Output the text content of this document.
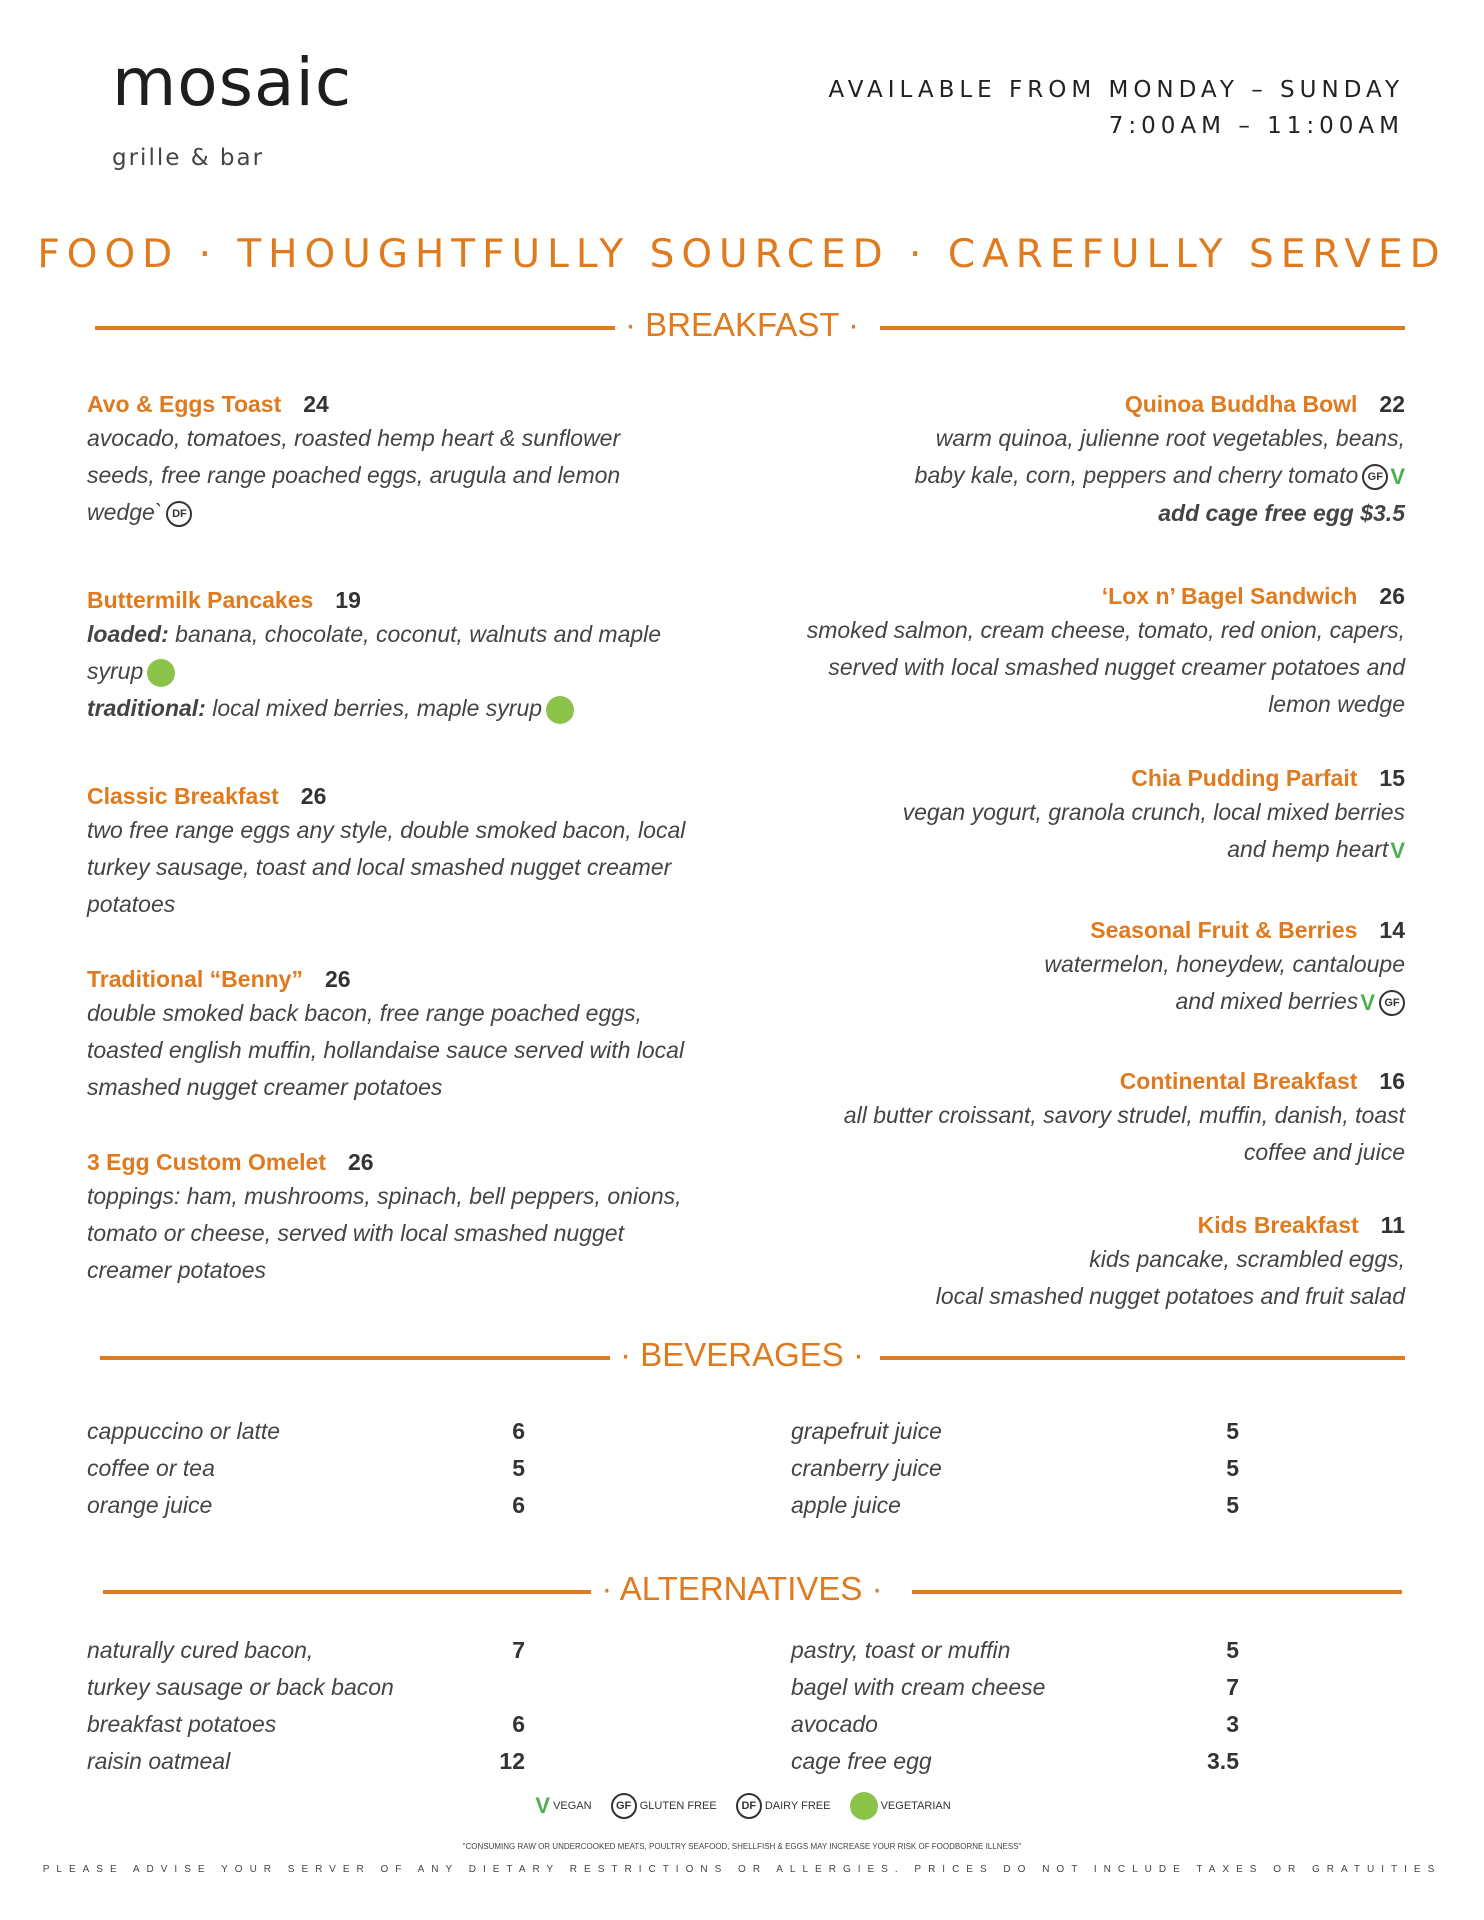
mosaic
grille & bar
AVAILABLE FROM MONDAY – SUNDAY
7:00AM – 11:00AM
FOOD · THOUGHTFULLY SOURCED · CAREFULLY SERVED
· BREAKFAST ·
Avo & Eggs Toast 24
avocado, tomatoes, roasted hemp heart & sunflower seeds, free range poached eggs, arugula and lemon wedge` DF
Buttermilk Pancakes 19
loaded: banana, chocolate, coconut, walnuts and maple syrup
traditional: local mixed berries, maple syrup
Classic Breakfast 26
two free range eggs any style, double smoked bacon, local turkey sausage, toast and local smashed nugget creamer potatoes
Traditional “Benny” 26
double smoked back bacon, free range poached eggs, toasted english muffin, hollandaise sauce served with local smashed nugget creamer potatoes
3 Egg Custom Omelet 26
toppings: ham, mushrooms, spinach, bell peppers, onions, tomato or cheese, served with local smashed nugget creamer potatoes
Quinoa Buddha Bowl 22
warm quinoa, julienne root vegetables, beans,
baby kale, corn, peppers and cherry tomato GF V
add cage free egg $3.5
‘Lox n’ Bagel Sandwich 26
smoked salmon, cream cheese, tomato, red onion, capers, served with local smashed nugget creamer potatoes and lemon wedge
Chia Pudding Parfait 15
vegan yogurt, granola crunch, local mixed berries
and hemp heartV
Seasonal Fruit & Berries 14
watermelon, honeydew, cantaloupe
and mixed berriesV GF
Continental Breakfast 16
all butter croissant, savory strudel, muffin, danish, toast
coffee and juice
Kids Breakfast 11
kids pancake, scrambled eggs,
local smashed nugget potatoes and fruit salad
· BEVERAGES ·
cappuccino or latte	6
coffee or tea	5
orange juice	6
grapefruit juice	5
cranberry juice	5
apple juice	5
· ALTERNATIVES ·
naturally cured bacon,	7
turkey sausage or back bacon
breakfast potatoes	6
raisin oatmeal	12
pastry, toast or muffin	5
bagel with cream cheese	7
avocado	3
cage free egg	3.5
V VEGAN GF GLUTEN FREE DF DAIRY FREE	VEGETARIAN
"CONSUMING RAW OR UNDERCOOKED MEATS, POULTRY SEAFOOD, SHELLFISH & EGGS MAY INCREASE YOUR RISK OF FOODBORNE ILLNESS"
PLEASE ADVISE YOUR SERVER OF ANY DIETARY RESTRICTIONS OR ALLERGIES. PRICES DO NOT INCLUDE TAXES OR GRATUITIES
